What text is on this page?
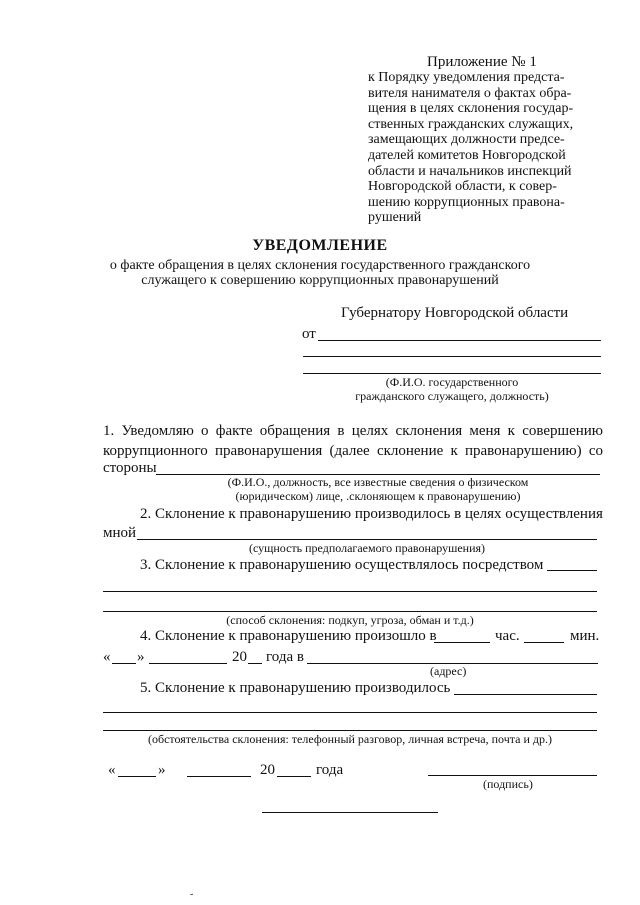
Приложение № 1
к Порядку уведомления предста-
вителя нанимателя о фактах обра-
щения в целях склонения государ-
ственных гражданских служащих,
замещающих должности предсе-
дателей комитетов Новгородской
области и начальников инспекций
Новгородской области, к совер-
шению коррупционных правона-
рушений
УВЕДОМЛЕНИЕ
о факте обращения в целях склонения государственного гражданского
служащего к совершению коррупционных правонарушений
Губернатору Новгородской области
от
(Ф.И.О. государственного
гражданского служащего, должность)
1. Уведомляю о факте обращения в целях склонения меня к совершению
коррупционного правонарушения (далее склонение к правонарушению) со
стороны
(Ф.И.О., должность, все известные сведения о физическом
(юридическом) лице, .склоняющем к правонарушению)
2. Склонение к правонарушению производилось в целях осуществления
мной
(сущность предполагаемого правонарушения)
3. Склонение к правонарушению осуществлялось посредством
(способ склонения: подкуп, угроза, обман и т.д.)
4. Склонение к правонарушению произошло в	час.	мин.
« »	20 года в
(адрес)
5. Склонение к правонарушению производилось
(обстоятельства склонения: телефонный разговор, личная встреча, почта и др.)
«	»	20	года
(подпись)
˘
